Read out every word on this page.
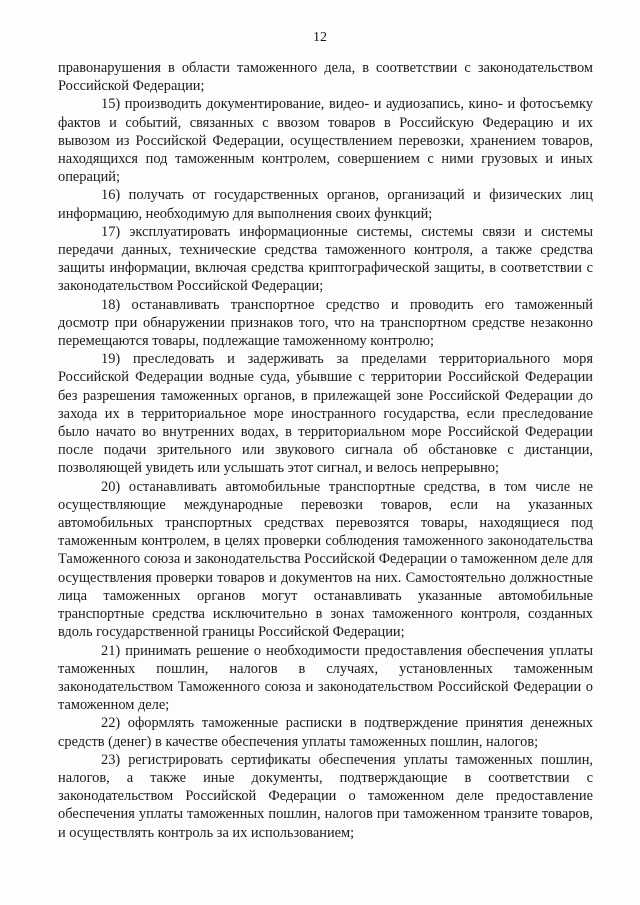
12

правонарушения в области таможенного дела, в соответствии с законодательством Российской Федерации;

15) производить документирование, видео- и аудиозапись, кино- и фотосъемку фактов и событий, связанных с ввозом товаров в Российскую Федерацию и их вывозом из Российской Федерации, осуществлением перевозки, хранением товаров, находящихся под таможенным контролем, совершением с ними грузовых и иных операций;

16) получать от государственных органов, организаций и физических лиц информацию, необходимую для выполнения своих функций;

17) эксплуатировать информационные системы, системы связи и системы передачи данных, технические средства таможенного контроля, а также средства защиты информации, включая средства криптографической защиты, в соответствии с законодательством Российской Федерации;

18) останавливать транспортное средство и проводить его таможенный досмотр при обнаружении признаков того, что на транспортном средстве незаконно перемещаются товары, подлежащие таможенному контролю;

19) преследовать и задерживать за пределами территориального моря Российской Федерации водные суда, убывшие с территории Российской Федерации без разрешения таможенных органов, в прилежащей зоне Российской Федерации до захода их в территориальное море иностранного государства, если преследование было начато во внутренних водах, в территориальном море Российской Федерации после подачи зрительного или звукового сигнала об обстановке с дистанции, позволяющей увидеть или услышать этот сигнал, и велось непрерывно;

20) останавливать автомобильные транспортные средства, в том числе не осуществляющие международные перевозки товаров, если на указанных автомобильных транспортных средствах перевозятся товары, находящиеся под таможенным контролем, в целях проверки соблюдения таможенного законодательства Таможенного союза и законодательства Российской Федерации о таможенном деле для осуществления проверки товаров и документов на них. Самостоятельно должностные лица таможенных органов могут останавливать указанные автомобильные транспортные средства исключительно в зонах таможенного контроля, созданных вдоль государственной границы Российской Федерации;

21) принимать решение о необходимости предоставления обеспечения уплаты таможенных пошлин, налогов в случаях, установленных таможенным законодательством Таможенного союза и законодательством Российской Федерации о таможенном деле;

22) оформлять таможенные расписки в подтверждение принятия денежных средств (денег) в качестве обеспечения уплаты таможенных пошлин, налогов;

23) регистрировать сертификаты обеспечения уплаты таможенных пошлин, налогов, а также иные документы, подтверждающие в соответствии с законодательством Российской Федерации о таможенном деле предоставление обеспечения уплаты таможенных пошлин, налогов при таможенном транзите товаров, и осуществлять контроль за их использованием;
